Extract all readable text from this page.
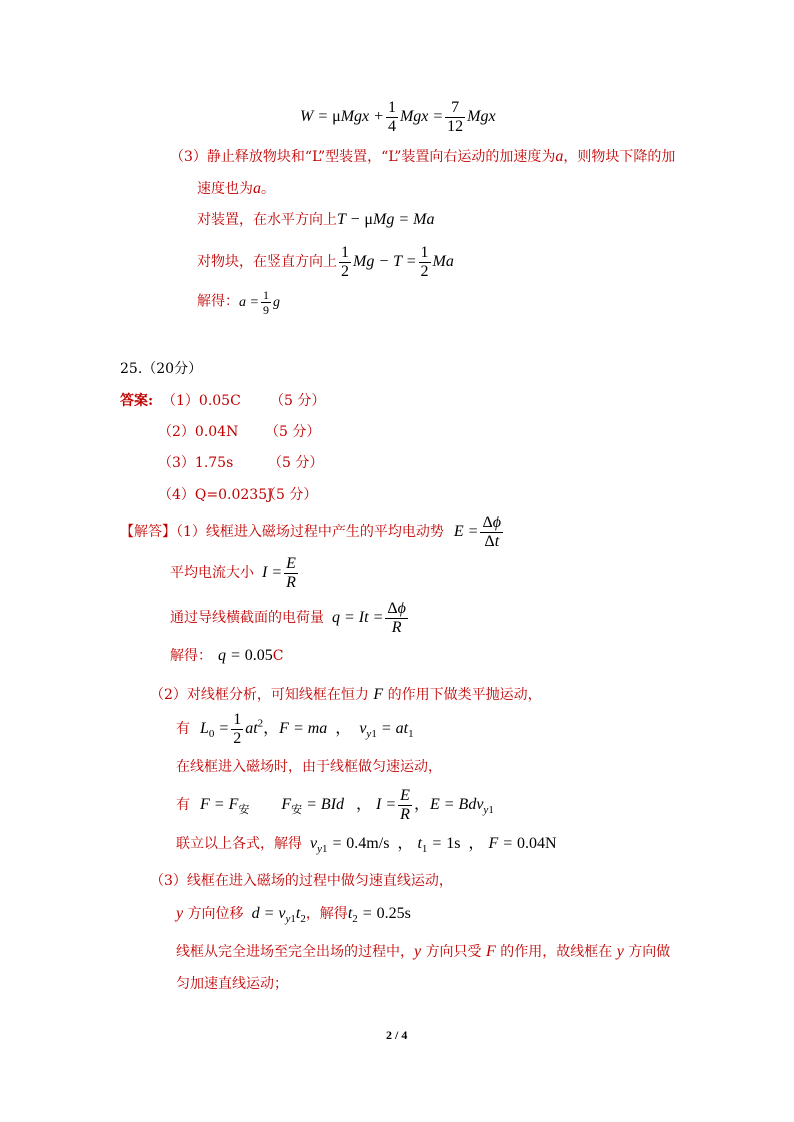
$W = \mu Mgx + \frac{1}{4}$ Mgx = $\frac{7}{12}$ Mgx
（3）静止释放物块和“L”型装置，“L”装置向右运动的加速度为a，则物块下降的加
速度也为a。
对装置，在水平方向上T − μMg = Ma
对物块，在竖直方向上 $\frac{1}{2}$ $Mg - T = \frac{1}{2}$ Ma
解得：$a = \frac{1}{9}$ g
25.（20分）
答案: （1）0.05C （5 分）
（2）0.04N （5 分）
（3）1.75s （5 分）
（4）Q=0.0235J
（5 分）
【解答】（1）线框进入磁场过程中产生的平均电动势 $E = \frac{\Delta\phi}{\Delta t}$
平均电流大小 $I = \frac{E}{R}$
通过导线横截面的电荷量 $q = It = \frac{\Delta\phi}{R}$
解得： q = 0.05C
（2）对线框分析，可知线框在恒力 F 的作用下做类平抛运动，
有 $L_0 = \frac{1}{2} at^2$，F = ma  ，  $v_{y1} = at_1$
在线框进入磁场时，由于线框做匀速运动，
有 $F = F_安$        $F_安$ = BId   ， $I = \frac{E}{R}$ ，E = Bdv$_{y1}$
联立以上各式，解得 $v_{y1} = 0.4m/s$  ， $t_1 = 1s$  ， F = 0.04N
（3）线框在进入磁场的过程中做匀速直线运动，
y 方向位移 $d = v_{y1}t_2$，解得$t_2 = 0.25s$
线框从完全进场至完全出场的过程中，y 方向只受 F 的作用，故线框在 y 方向做
匀加速直线运动；
2 / 4
